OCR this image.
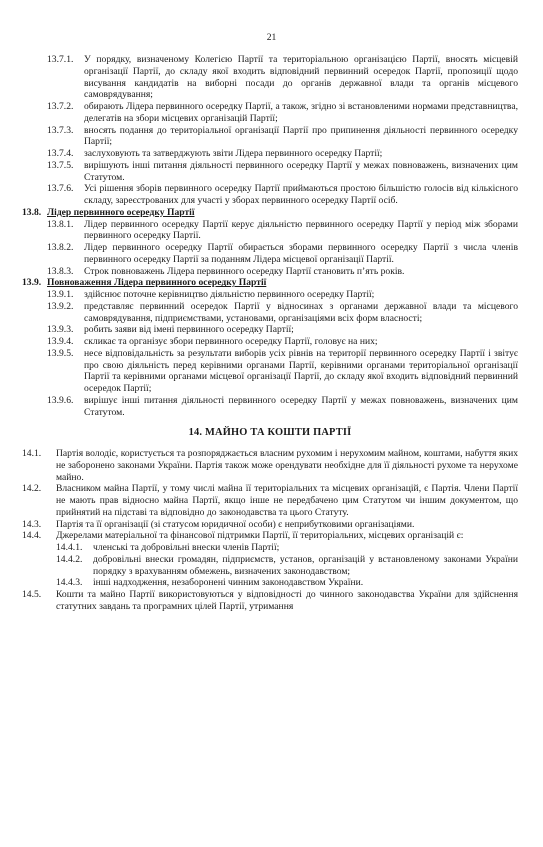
21
13.7.1.	У порядку, визначеному Колегією Партії та територіальною організацією Партії, вносять місцевій організації Партії, до складу якої входить відповідний первинний осередок Партії, пропозиції щодо висування кандидатів на виборні посади до органів державної влади та органів місцевого самоврядування;
13.7.2.	обирають Лідера первинного осередку Партії, а також, згідно зі встановленими нормами представництва, делегатів на збори місцевих організацій Партії;
13.7.3.	вносять подання до територіальної організації Партії про припинення діяльності первинного осередку Партії;
13.7.4.	заслуховують та затверджують звіти Лідера первинного осередку Партії;
13.7.5.	вирішують інші питання діяльності первинного осередку Партії у межах повноважень, визначених цим Статутом.
13.7.6.	Усі рішення зборів первинного осередку Партії приймаються простою більшістю голосів від кількісного складу, зареєстрованих для участі у зборах первинного осередку Партії осіб.
13.8. Лідер первинного осередку Партії
13.8.1.	Лідер первинного осередку Партії керує діяльністю первинного осередку Партії у період між зборами первинного осередку Партії.
13.8.2.	Лідер первинного осередку Партії обирається зборами первинного осередку Партії з числа членів первинного осередку Партії за поданням Лідера місцевої організації Партії.
13.8.3.	Строк повноважень Лідера первинного осередку Партії становить п’ять років.
13.9. Повноваження Лідера первинного осередку Партії
13.9.1.	здійснює поточне керівництво діяльністю первинного осередку Партії;
13.9.2.	представляє первинний осередок Партії у відносинах з органами державної влади та місцевого самоврядування, підприємствами, установами, організаціями всіх форм власності;
13.9.3.	робить заяви від імені первинного осередку Партії;
13.9.4.	скликає та організує збори первинного осередку Партії, головує на них;
13.9.5.	несе відповідальність за результати виборів усіх рівнів на території первинного осередку Партії і звітує про свою діяльність перед керівними органами Партії, керівними органами територіальної організації Партії та керівними органами місцевої організації Партії, до складу якої входить відповідний первинний осередок Партії;
13.9.6.	вирішує інші питання діяльності первинного осередку Партії у межах повноважень, визначених цим Статутом.
14. МАЙНО ТА КОШТИ ПАРТІЇ
14.1.	Партія володіє, користується та розпоряджається власним рухомим і нерухомим майном, коштами, набуття яких не заборонено законами України. Партія також може орендувати необхідне для її діяльності рухоме та нерухоме майно.
14.2.	Власником майна Партії, у тому числі майна її територіальних та місцевих організацій, є Партія. Члени Партії не мають прав відносно майна Партії, якщо інше не передбачено цим Статутом чи іншим документом, що прийнятий на підставі та відповідно до законодавства та цього Статуту.
14.3.	Партія та її організації (зі статусом юридичної особи) є неприбутковими організаціями.
14.4.	Джерелами матеріальної та фінансової підтримки Партії, її територіальних, місцевих організацій є:
14.4.1.	членські та добровільні внески членів Партії;
14.4.2.	добровільні внески громадян, підприємств, установ, організацій у встановленому законами України порядку з врахуванням обмежень, визначених законодавством;
14.4.3.	інші надходження, незаборонені чинним законодавством України.
14.5.	Кошти та майно Партії використовуються у відповідності до чинного законодавства України для здійснення статутних завдань та програмних цілей Партії, утримання
